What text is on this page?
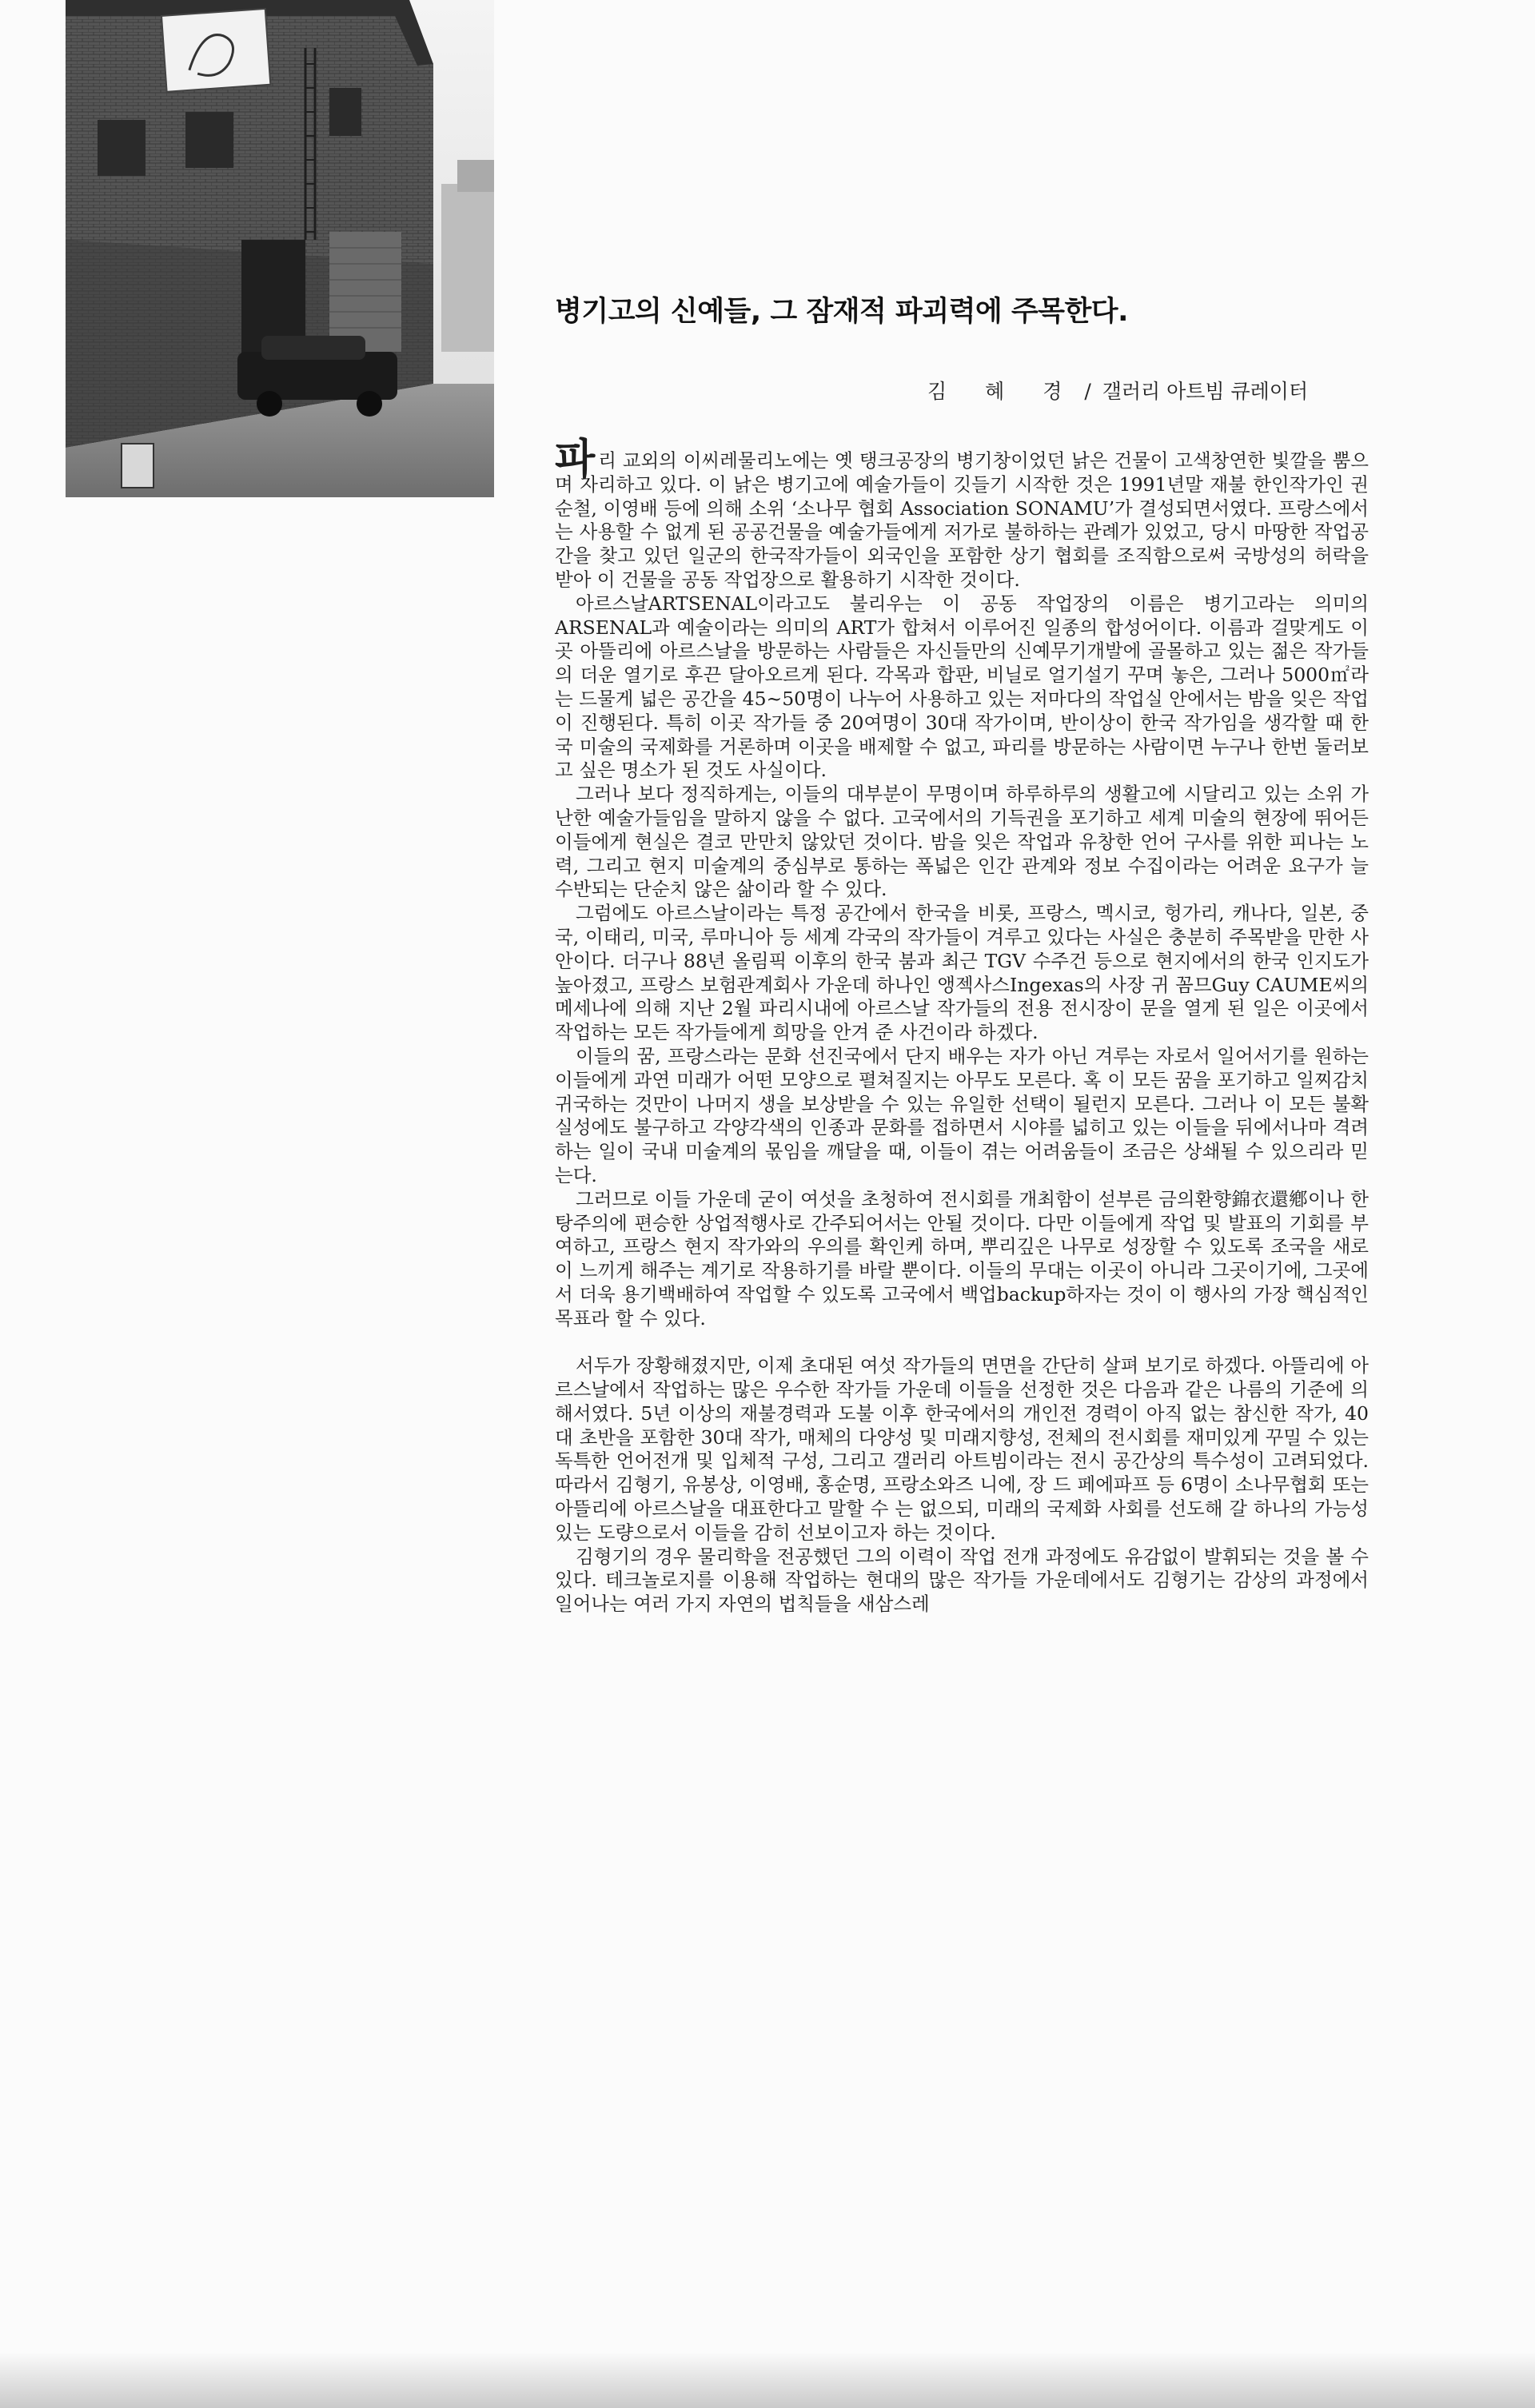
병기고의 신예들, 그 잠재적 파괴력에 주목한다.
김 혜 경 / 갤러리 아트빔 큐레이터

파리 교외의 이씨레물리노에는 옛 탱크공장의 병기창이었던 낡은 건물이 고색창연한 빛깔을 뿜으며 자리하고 있다. 이 낡은 병기고에 예술가들이 깃들기 시작한 것은 1991년말 재불 한인작가인 권순철, 이영배 등에 의해 소위 ‘소나무 협회 Association SONAMU’가 결성되면서였다. 프랑스에서는 사용할 수 없게 된 공공건물을 예술가들에게 저가로 불하하는 관례가 있었고, 당시 마땅한 작업공간을 찾고 있던 일군의 한국작가들이 외국인을 포함한 상기 협회를 조직함으로써 국방성의 허락을 받아 이 건물을 공동 작업장으로 활용하기 시작한 것이다.

아르스날ARTSENAL이라고도 불리우는 이 공동 작업장의 이름은 병기고라는 의미의 ARSENAL과 예술이라는 의미의 ART가 합쳐서 이루어진 일종의 합성어이다. 이름과 걸맞게도 이곳 아뜰리에 아르스날을 방문하는 사람들은 자신들만의 신예무기개발에 골몰하고 있는 젊은 작가들의 더운 열기로 후끈 달아오르게 된다. 각목과 합판, 비닐로 얼기설기 꾸며 놓은, 그러나 5000㎡라는 드물게 넓은 공간을 45~50명이 나누어 사용하고 있는 저마다의 작업실 안에서는 밤을 잊은 작업이 진행된다. 특히 이곳 작가들 중 20여명이 30대 작가이며, 반이상이 한국 작가임을 생각할 때 한국 미술의 국제화를 거론하며 이곳을 배제할 수 없고, 파리를 방문하는 사람이면 누구나 한번 둘러보고 싶은 명소가 된 것도 사실이다.

그러나 보다 정직하게는, 이들의 대부분이 무명이며 하루하루의 생활고에 시달리고 있는 소위 가난한 예술가들임을 말하지 않을 수 없다. 고국에서의 기득권을 포기하고 세계 미술의 현장에 뛰어든 이들에게 현실은 결코 만만치 않았던 것이다. 밤을 잊은 작업과 유창한 언어 구사를 위한 피나는 노력, 그리고 현지 미술계의 중심부로 통하는 폭넓은 인간 관계와 정보 수집이라는 어려운 요구가 늘 수반되는 단순치 않은 삶이라 할 수 있다.

그럼에도 아르스날이라는 특정 공간에서 한국을 비롯, 프랑스, 멕시코, 헝가리, 캐나다, 일본, 중국, 이태리, 미국, 루마니아 등 세계 각국의 작가들이 겨루고 있다는 사실은 충분히 주목받을 만한 사안이다. 더구나 88년 올림픽 이후의 한국 붐과 최근 TGV 수주건 등으로 현지에서의 한국 인지도가 높아졌고, 프랑스 보험관계회사 가운데 하나인 앵젝사스Ingexas의 사장 귀 꼼므Guy CAUME씨의 메세나에 의해 지난 2월 파리시내에 아르스날 작가들의 전용 전시장이 문을 열게 된 일은 이곳에서 작업하는 모든 작가들에게 희망을 안겨 준 사건이라 하겠다.

이들의 꿈, 프랑스라는 문화 선진국에서 단지 배우는 자가 아닌 겨루는 자로서 일어서기를 원하는 이들에게 과연 미래가 어떤 모양으로 펼쳐질지는 아무도 모른다. 혹 이 모든 꿈을 포기하고 일찌감치 귀국하는 것만이 나머지 생을 보상받을 수 있는 유일한 선택이 될런지 모른다. 그러나 이 모든 불확실성에도 불구하고 각양각색의 인종과 문화를 접하면서 시야를 넓히고 있는 이들을 뒤에서나마 격려하는 일이 국내 미술계의 몫임을 깨달을 때, 이들이 겪는 어려움들이 조금은 상쇄될 수 있으리라 믿는다.

그러므로 이들 가운데 굳이 여섯을 초청하여 전시회를 개최함이 섣부른 금의환향錦衣還鄕이나 한탕주의에 편승한 상업적행사로 간주되어서는 안될 것이다. 다만 이들에게 작업 및 발표의 기회를 부여하고, 프랑스 현지 작가와의 우의를 확인케 하며, 뿌리깊은 나무로 성장할 수 있도록 조국을 새로이 느끼게 해주는 계기로 작용하기를 바랄 뿐이다. 이들의 무대는 이곳이 아니라 그곳이기에, 그곳에서 더욱 용기백배하여 작업할 수 있도록 고국에서 백업backup하자는 것이 이 행사의 가장 핵심적인 목표라 할 수 있다.

서두가 장황해졌지만, 이제 초대된 여섯 작가들의 면면을 간단히 살펴 보기로 하겠다. 아뜰리에 아르스날에서 작업하는 많은 우수한 작가들 가운데 이들을 선정한 것은 다음과 같은 나름의 기준에 의해서였다. 5년 이상의 재불경력과 도불 이후 한국에서의 개인전 경력이 아직 없는 참신한 작가, 40대 초반을 포함한 30대 작가, 매체의 다양성 및 미래지향성, 전체의 전시회를 재미있게 꾸밀 수 있는 독특한 언어전개 및 입체적 구성, 그리고 갤러리 아트빔이라는 전시 공간상의 특수성이 고려되었다. 따라서 김형기, 유봉상, 이영배, 홍순명, 프랑소와즈 니에, 장 드 페에파프 등 6명이 소나무협회 또는 아뜰리에 아르스날을 대표한다고 말할 수 는 없으되, 미래의 국제화 사회를 선도해 갈 하나의 가능성 있는 도량으로서 이들을 감히 선보이고자 하는 것이다.

김형기의 경우 물리학을 전공했던 그의 이력이 작업 전개 과정에도 유감없이 발휘되는 것을 볼 수 있다. 테크놀로지를 이용해 작업하는 현대의 많은 작가들 가운데에서도 김형기는 감상의 과정에서 일어나는 여러 가지 자연의 법칙들을 새삼스레
